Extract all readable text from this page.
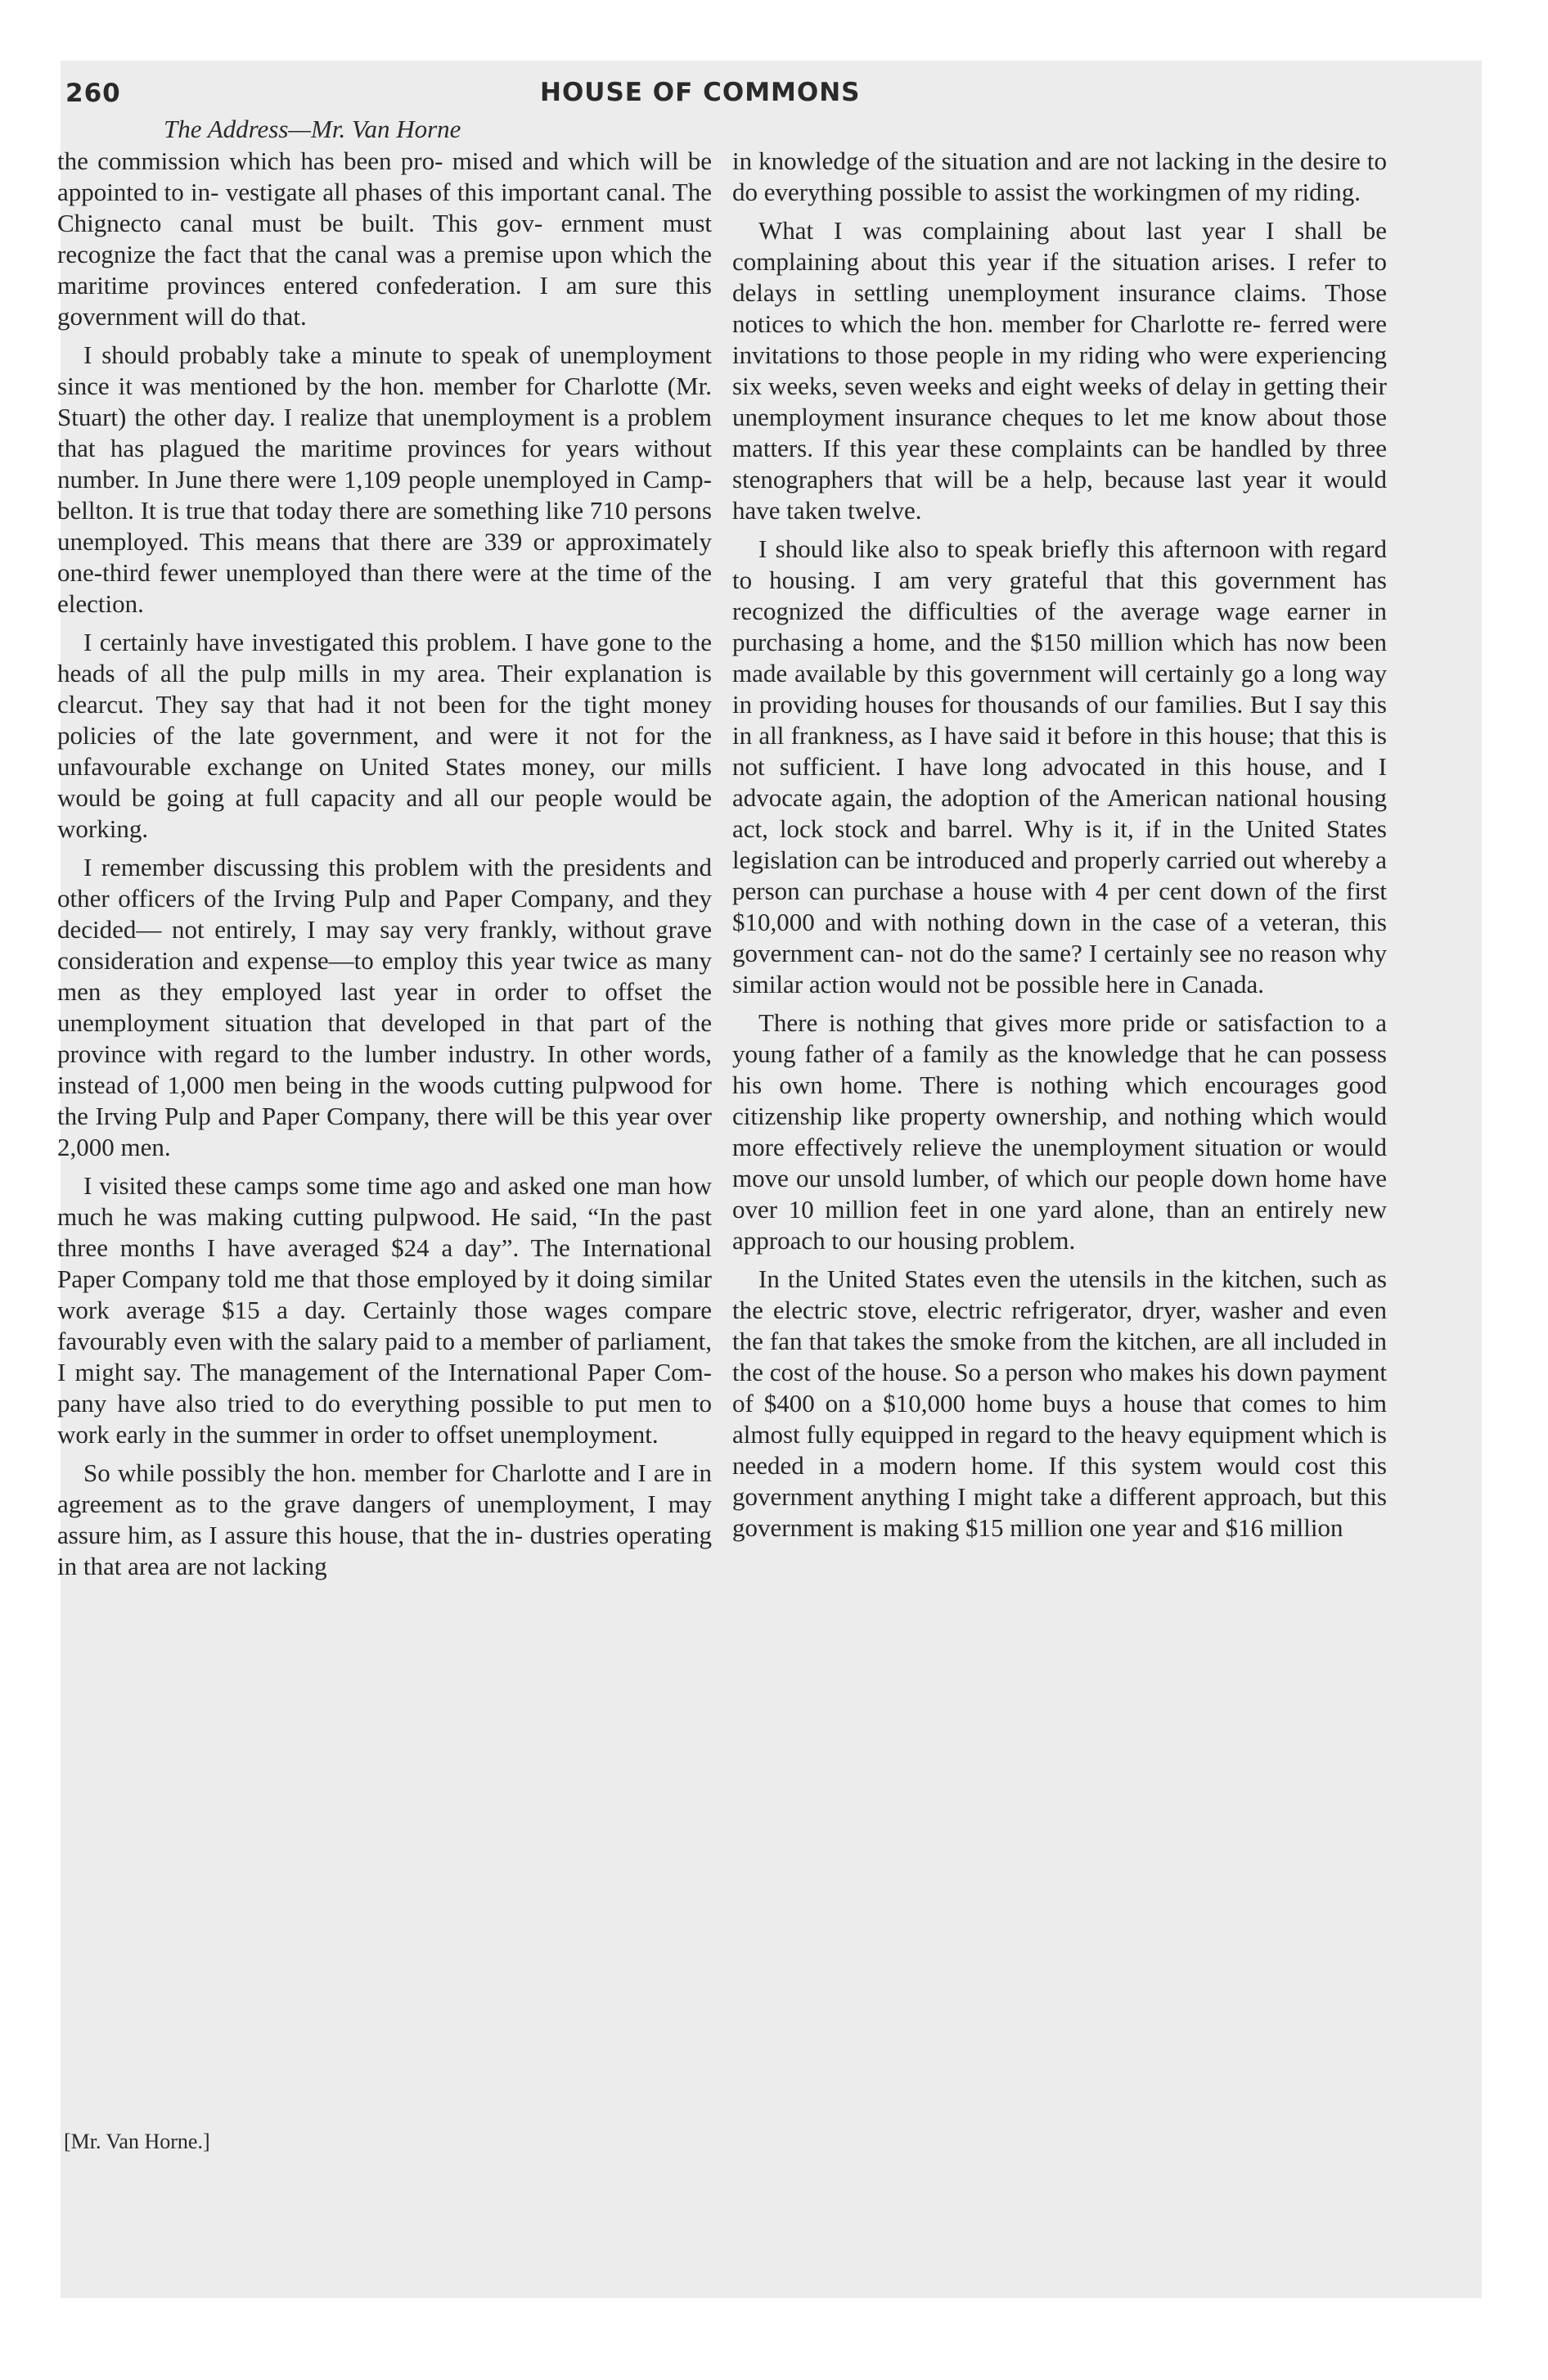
260	HOUSE OF COMMONS
The Address—Mr. Van Horne

the commission which has been pro- mised and which will be appointed to in- vestigate all phases of this important canal. The Chignecto canal must be built. This gov- ernment must recognize the fact that the canal was a premise upon which the maritime provinces entered confederation. I am sure this government will do that.

I should probably take a minute to speak of unemployment since it was mentioned by the hon. member for Charlotte (Mr. Stuart) the other day. I realize that unemployment is a problem that has plagued the maritime provinces for years without number. In June there were 1,109 people unemployed in Camp- bellton. It is true that today there are something like 710 persons unemployed. This means that there are 339 or approximately one-third fewer unemployed than there were at the time of the election.

I certainly have investigated this problem. I have gone to the heads of all the pulp mills in my area. Their explanation is clearcut. They say that had it not been for the tight money policies of the late government, and were it not for the unfavourable exchange on United States money, our mills would be going at full capacity and all our people would be working.

I remember discussing this problem with the presidents and other officers of the Irving Pulp and Paper Company, and they decided— not entirely, I may say very frankly, without grave consideration and expense—to employ this year twice as many men as they employed last year in order to offset the unemployment situation that developed in that part of the province with regard to the lumber industry. In other words, instead of 1,000 men being in the woods cutting pulpwood for the Irving Pulp and Paper Company, there will be this year over 2,000 men.

I visited these camps some time ago and asked one man how much he was making cutting pulpwood. He said, “In the past three months I have averaged $24 a day”. The International Paper Company told me that those employed by it doing similar work average $15 a day. Certainly those wages compare favourably even with the salary paid to a member of parliament, I might say. The management of the International Paper Com- pany have also tried to do everything possible to put men to work early in the summer in order to offset unemployment.

So while possibly the hon. member for Charlotte and I are in agreement as to the grave dangers of unemployment, I may assure him, as I assure this house, that the in- dustries operating in that area are not lacking

in knowledge of the situation and are not lacking in the desire to do everything possible to assist the workingmen of my riding.

What I was complaining about last year I shall be complaining about this year if the situation arises. I refer to delays in settling unemployment insurance claims. Those notices to which the hon. member for Charlotte re- ferred were invitations to those people in my riding who were experiencing six weeks, seven weeks and eight weeks of delay in getting their unemployment insurance cheques to let me know about those matters. If this year these complaints can be handled by three stenographers that will be a help, because last year it would have taken twelve.

I should like also to speak briefly this afternoon with regard to housing. I am very grateful that this government has recognized the difficulties of the average wage earner in purchasing a home, and the $150 million which has now been made available by this government will certainly go a long way in providing houses for thousands of our families. But I say this in all frankness, as I have said it before in this house; that this is not sufficient. I have long advocated in this house, and I advocate again, the adoption of the American national housing act, lock stock and barrel. Why is it, if in the United States legislation can be introduced and properly carried out whereby a person can purchase a house with 4 per cent down of the first $10,000 and with nothing down in the case of a veteran, this government can- not do the same? I certainly see no reason why similar action would not be possible here in Canada.

There is nothing that gives more pride or satisfaction to a young father of a family as the knowledge that he can possess his own home. There is nothing which encourages good citizenship like property ownership, and nothing which would more effectively relieve the unemployment situation or would move our unsold lumber, of which our people down home have over 10 million feet in one yard alone, than an entirely new approach to our housing problem.

In the United States even the utensils in the kitchen, such as the electric stove, electric refrigerator, dryer, washer and even the fan that takes the smoke from the kitchen, are all included in the cost of the house. So a person who makes his down payment of $400 on a $10,000 home buys a house that comes to him almost fully equipped in regard to the heavy equipment which is needed in a modern home. If this system would cost this government anything I might take a different approach, but this government is making $15 million one year and $16 million

[Mr. Van Horne.]
